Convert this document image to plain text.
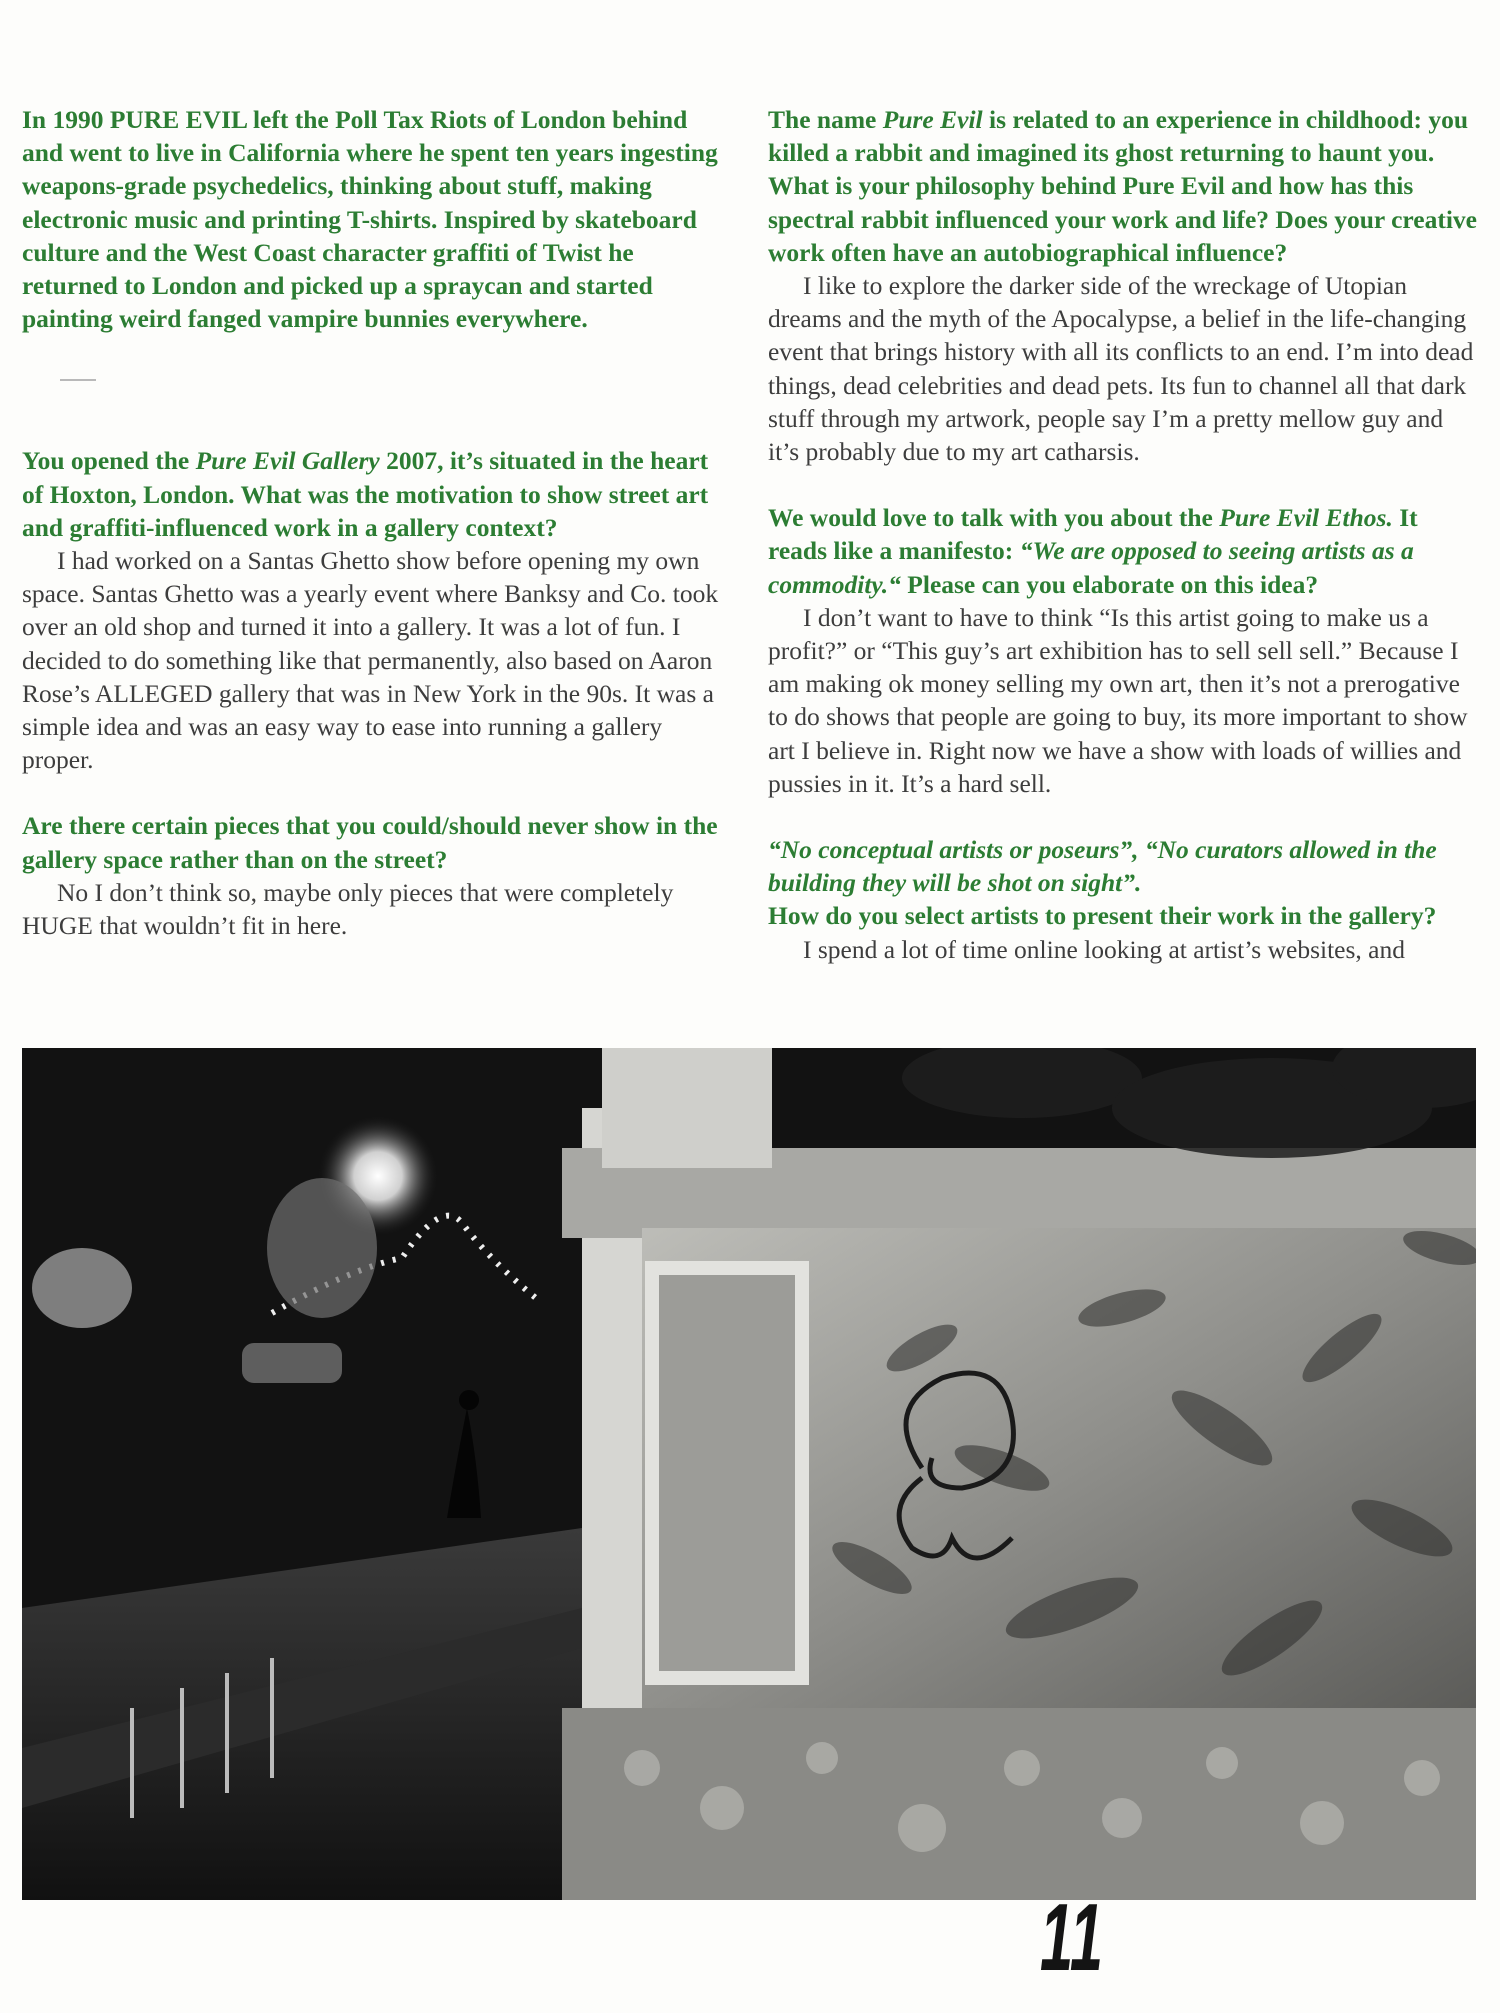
In 1990 PURE EVIL left the Poll Tax Riots of London behind and went to live in California where he spent ten years ingesting weapons-grade psychedelics, thinking about stuff, making electronic music and printing T-shirts. Inspired by skateboard culture and the West Coast character graffiti of Twist he returned to London and picked up a spraycan and started painting weird fanged vampire bunnies everywhere.

You opened the Pure Evil Gallery 2007, it’s situated in the heart of Hoxton, London. What was the motivation to show street art and graffiti-influenced work in a gallery context?

I had worked on a Santas Ghetto show before opening my own space. Santas Ghetto was a yearly event where Banksy and Co. took over an old shop and turned it into a gallery. It was a lot of fun. I decided to do something like that permanently, also based on Aaron Rose’s ALLEGED gallery that was in New York in the 90s. It was a simple idea and was an easy way to ease into running a gallery proper.

Are there certain pieces that you could/should never show in the gallery space rather than on the street?

No I don’t think so, maybe only pieces that were completely HUGE that wouldn’t fit in here.

The name Pure Evil is related to an experience in childhood: you killed a rabbit and imagined its ghost returning to haunt you. What is your philosophy behind Pure Evil and how has this spectral rabbit influenced your work and life? Does your creative work often have an autobiographical influence?

I like to explore the darker side of the wreckage of Utopian dreams and the myth of the Apocalypse, a belief in the life-changing event that brings history with all its conflicts to an end. I’m into dead things, dead celebrities and dead pets. Its fun to channel all that dark stuff through my artwork, people say I’m a pretty mellow guy and it’s probably due to my art catharsis.

We would love to talk with you about the Pure Evil Ethos. It reads like a manifesto: “We are opposed to seeing artists as a commodity.“ Please can you elaborate on this idea?

I don’t want to have to think “Is this artist going to make us a profit?” or “This guy’s art exhibition has to sell sell sell.” Because I am making ok money selling my own art, then it’s not a prerogative to do shows that people are going to buy, its more important to show art I believe in. Right now we have a show with loads of willies and pussies in it. It’s a hard sell.

“No conceptual artists or poseurs”, “No curators allowed in the building they will be shot on sight”.

How do you select artists to present their work in the gallery?

I spend a lot of time online looking at artist’s websites, and

11
